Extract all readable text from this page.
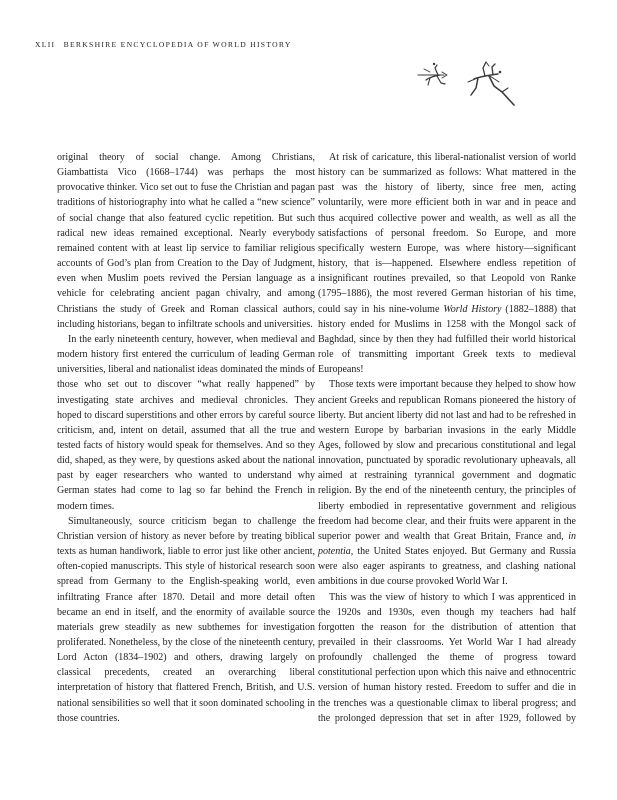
XLII BERKSHIRE ENCYCLOPEDIA OF WORLD HISTORY

original theory of social change. Among Christians, Giambattista Vico (1668–1744) was perhaps the most provocative thinker. Vico set out to fuse the Christian and pagan traditions of historiography into what he called a “new science” of social change that also featured cyclic repetition. But such radical new ideas remained exceptional. Nearly everybody remained content with at least lip service to familiar religious accounts of God’s plan from Creation to the Day of Judgment, even when Muslim poets revived the Persian language as a vehicle for celebrating ancient pagan chivalry, and among Christians the study of Greek and Roman classical authors, including historians, began to infiltrate schools and universities.

In the early nineteenth century, however, when medieval and modern history first entered the curriculum of leading German universities, liberal and nationalist ideas dominated the minds of those who set out to discover “what really happened” by investigating state archives and medieval chronicles. They hoped to discard superstitions and other errors by careful source criticism, and, intent on detail, assumed that all the true and tested facts of history would speak for themselves. And so they did, shaped, as they were, by questions asked about the national past by eager researchers who wanted to understand why German states had come to lag so far behind the French in modern times.

Simultaneously, source criticism began to challenge the Christian version of history as never before by treating biblical texts as human handiwork, liable to error just like other ancient, often-copied manuscripts. This style of historical research soon spread from Germany to the English-speaking world, even infiltrating France after 1870. Detail and more detail often became an end in itself, and the enormity of available source materials grew steadily as new subthemes for investigation proliferated. Nonetheless, by the close of the nineteenth century, Lord Acton (1834–1902) and others, drawing largely on classical precedents, created an overarching liberal interpretation of history that flattered French, British, and U.S. national sensibilities so well that it soon dominated schooling in those countries.

At risk of caricature, this liberal-nationalist version of world history can be summarized as follows: What mattered in the past was the history of liberty, since free men, acting voluntarily, were more efficient both in war and in peace and thus acquired collective power and wealth, as well as all the satisfactions of personal freedom. So Europe, and more specifically western Europe, was where history—significant history, that is—happened. Elsewhere endless repetition of insignificant routines prevailed, so that Leopold von Ranke (1795–1886), the most revered German historian of his time, could say in his nine-volume World History (1882–1888) that history ended for Muslims in 1258 with the Mongol sack of Baghdad, since by then they had fulfilled their world historical role of transmitting important Greek texts to medieval Europeans!

Those texts were important because they helped to show how ancient Greeks and republican Romans pioneered the history of liberty. But ancient liberty did not last and had to be refreshed in western Europe by barbarian invasions in the early Middle Ages, followed by slow and precarious constitutional and legal innovation, punctuated by sporadic revolutionary upheavals, all aimed at restraining tyrannical government and dogmatic religion. By the end of the nineteenth century, the principles of liberty embodied in representative government and religious freedom had become clear, and their fruits were apparent in the superior power and wealth that Great Britain, France and, in potentia, the United States enjoyed. But Germany and Russia were also eager aspirants to greatness, and clashing national ambitions in due course provoked World War I.

This was the view of history to which I was apprenticed in the 1920s and 1930s, even though my teachers had half forgotten the reason for the distribution of attention that prevailed in their classrooms. Yet World War I had already profoundly challenged the theme of progress toward constitutional perfection upon which this naive and ethnocentric version of human history rested. Freedom to suffer and die in the trenches was a questionable climax to liberal progress; and the prolonged depression that set in after 1929, followed by
